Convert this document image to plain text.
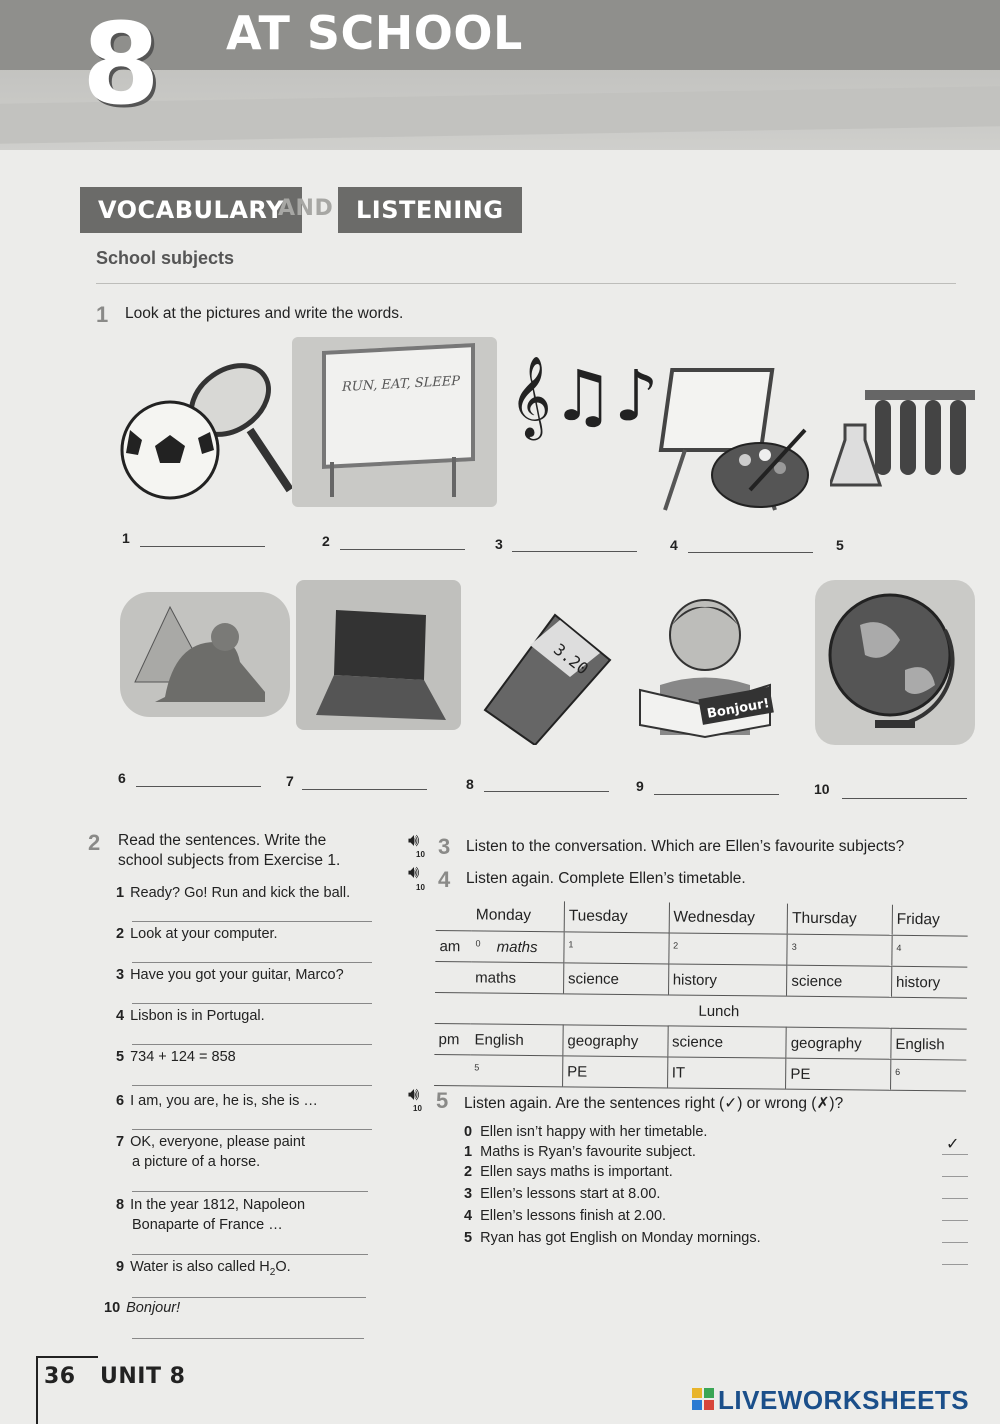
8 AT SCHOOL
VOCABULARY
AND LISTENING
School subjects
1 Look at the pictures and write the words.
RUN, EAT, SLEEP 𝄞♫♪
1	2	3	4	5
3.20
Bonjour!
6	7	8	9	10
2 Read the sentences. Write the
school subjects from Exercise 1.
1 Ready? Go! Run and kick the ball.
2 Look at your computer.
3 Have you got your guitar, Marco?
4 Lisbon is in Portugal.
5 734 + 124 = 858
6 I am, you are, he is, she is …
7 OK, everyone, please paint
a picture of a horse.
8 In the year 1812, Napoleon
Bonaparte of France …
9 Water is also called $H_2O$.
10 Bonjour!
🔊︎
10 3 Listen to the conversation. Which are Ellen’s favourite subjects?
🔊︎
10 4 Listen again. Complete Ellen’s timetable.
	Monday	Tuesday	Wednesday	Thursday	Friday
am	$^0$ maths	$^1$	$^2$	$^3$	$^4$
	maths	science	history	science	history
	Lunch				
pm	English	geography	science	geography	English
	$^5$	PE	IT	PE	$^6$
🔊︎
10 5 Listen again. Are the sentences right (✓) or wrong (✗)?
0 Ellen isn’t happy with her timetable.
1 Maths is Ryan’s favourite subject.
2 Ellen says maths is important.
3 Ellen’s lessons start at 8.00.
4 Ellen’s lessons finish at 2.00.
5 Ryan has got English on Monday mornings.
✓
36 UNIT 8
LIVEWORKSHEETS
